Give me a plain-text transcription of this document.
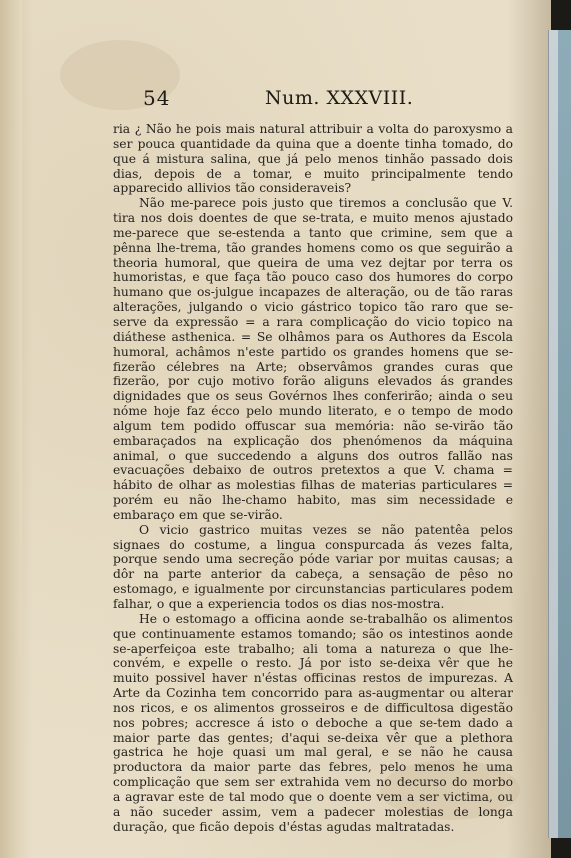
54	Num. XXXVIII.

ria ¿ Não he pois mais natural attribuir a volta do paroxysmo a ser pouca quantidade da quina que a doente tinha tomado, do que á mistura salina, que já pelo menos tinhão passado dois dias, depois de a tomar, e muito principalmente tendo apparecido allivios tão consideraveis?

Não me-parece pois justo que tiremos a conclusão que V. tira nos dois doentes de que se-trata, e muito menos ajustado me-parece que se-estenda a tanto que crimine, sem que a pênna lhe-trema, tão grandes homens como os que seguirão a theoria humoral, que queira de uma vez dejtar por terra os humoristas, e que faça tão pouco caso dos humores do corpo humano que os-julgue incapazes de alteração, ou de tão raras alterações, julgando o vicio gástrico topico tão raro que se-serve da expressão = a rara complicação do vicio topico na diáthese asthenica. = Se olhâmos para os Authores da Escola humoral, achâmos n'este partido os grandes homens que se-fizerão célebres na Arte; observâmos grandes curas que fizerão, por cujo motivo forão aliguns elevados ás grandes dignidades que os seus Govérnos lhes conferirão; ainda o seu nóme hoje faz écco pelo mundo literato, e o tempo de modo algum tem podido offuscar sua memória: não se-virão tão embaraçados na explicação dos phenómenos da máquina animal, o que succedendo a alguns dos outros fallão nas evacuações debaixo de outros pretextos a que V. chama = hábito de olhar as molestias filhas de materias particulares = porém eu não lhe-chamo habito, mas sim necessidade e embaraço em que se-virão.

O vicio gastrico muitas vezes se não patentêa pelos signaes do costume, a lingua conspurcada ás vezes falta, porque sendo uma secreção póde variar por muitas causas; a dôr na parte anterior da cabeça, a sensação de pêso no estomago, e igualmente por circunstancias particulares podem falhar, o que a experiencia todos os dias nos-mostra.

He o estomago a officina aonde se-trabalhão os alimentos que continuamente estamos tomando; são os intestinos aonde se-aperfeiçoa este trabalho; ali toma a natureza o que lhe-convém, e expelle o resto. Já por isto se-deixa vêr que he muito possivel haver n'éstas officinas restos de impurezas. A Arte da Cozinha tem concorrido para as-augmentar ou alterar nos ricos, e os alimentos grosseiros e de difficultosa digestão nos pobres; accresce á isto o deboche a que se-tem dado a maior parte das gentes; d'aqui se-deixa vêr que a plethora gastrica he hoje quasi um mal geral, e se não he causa productora da maior parte das febres, pelo menos he uma complicação que sem ser extrahida vem no decurso do morbo a agravar este de tal modo que o doente vem a ser victima, ou a não suceder assim, vem a padecer molestias de longa duração, que ficão depois d'éstas agudas maltratadas.
